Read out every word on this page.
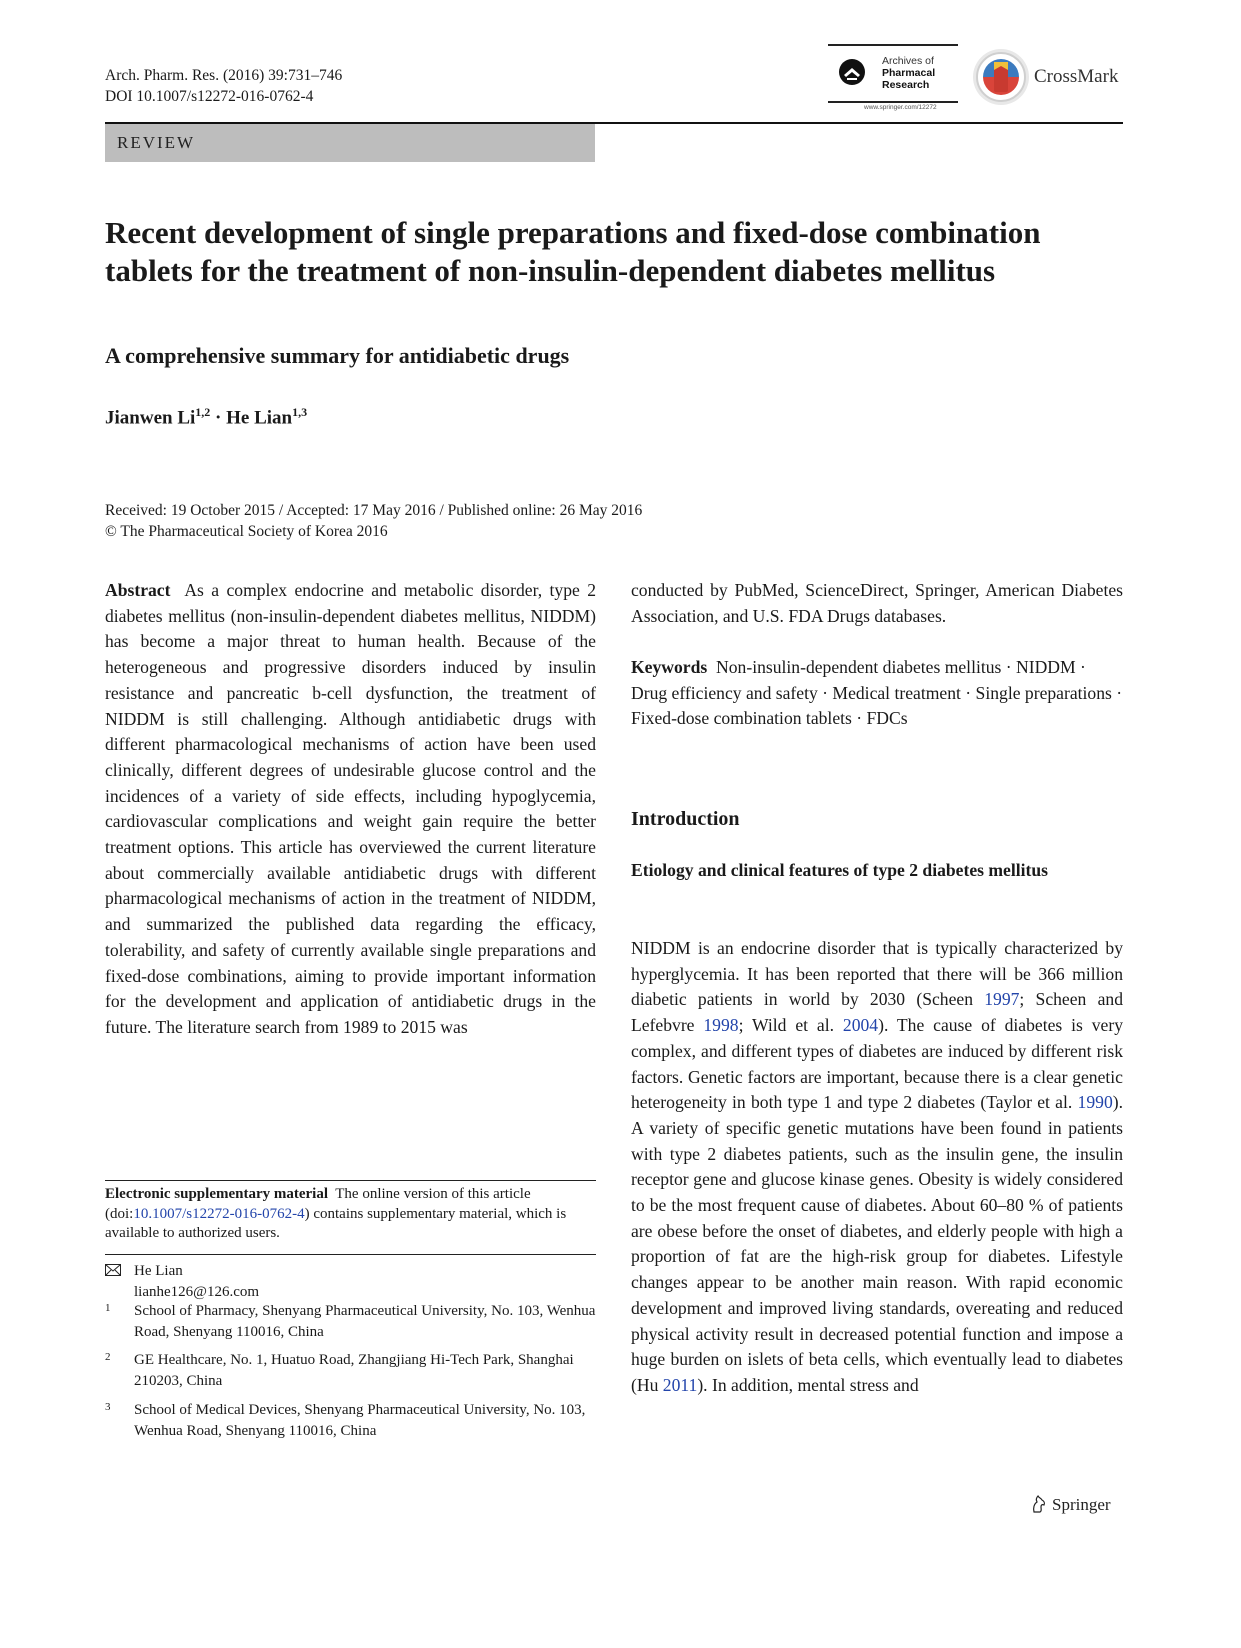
Arch. Pharm. Res. (2016) 39:731–746
DOI 10.1007/s12272-016-0762-4
Archives of
Pharmacal
Research
www.springer.com/12272
CrossMark
REVIEW
Recent development of single preparations and fixed-dose combination tablets for the treatment of non-insulin-dependent diabetes mellitus
A comprehensive summary for antidiabetic drugs
Jianwen Li$^{1,2}$ · He Lian$^{1,3}$
Received: 19 October 2015 / Accepted: 17 May 2016 / Published online: 26 May 2016
© The Pharmaceutical Society of Korea 2016

Abstract As a complex endocrine and metabolic disorder, type 2 diabetes mellitus (non-insulin-dependent diabetes mellitus, NIDDM) has become a major threat to human health. Because of the heterogeneous and progressive disorders induced by insulin resistance and pancreatic b-cell dysfunction, the treatment of NIDDM is still challenging. Although antidiabetic drugs with different pharmacological mechanisms of action have been used clinically, different degrees of undesirable glucose control and the incidences of a variety of side effects, including hypoglycemia, cardiovascular complications and weight gain require the better treatment options. This article has overviewed the current literature about commercially available antidiabetic drugs with different pharmacological mechanisms of action in the treatment of NIDDM, and summarized the published data regarding the efficacy, tolerability, and safety of currently available single preparations and fixed-dose combinations, aiming to provide important information for the development and application of antidiabetic drugs in the future. The literature search from 1989 to 2015 was

conducted by PubMed, ScienceDirect, Springer, American Diabetes Association, and U.S. FDA Drugs databases.

Keywords Non-insulin-dependent diabetes mellitus · NIDDM · Drug efficiency and safety · Medical treatment · Single preparations · Fixed-dose combination tablets · FDCs

Introduction
Etiology and clinical features of type 2 diabetes mellitus

NIDDM is an endocrine disorder that is typically characterized by hyperglycemia. It has been reported that there will be 366 million diabetic patients in world by 2030 (Scheen 1997; Scheen and Lefebvre 1998; Wild et al. 2004). The cause of diabetes is very complex, and different types of diabetes are induced by different risk factors. Genetic factors are important, because there is a clear genetic heterogeneity in both type 1 and type 2 diabetes (Taylor et al. 1990). A variety of specific genetic mutations have been found in patients with type 2 diabetes patients, such as the insulin gene, the insulin receptor gene and glucose kinase genes. Obesity is widely considered to be the most frequent cause of diabetes. About 60–80 % of patients are obese before the onset of diabetes, and elderly people with high a proportion of fat are the high-risk group for diabetes. Lifestyle changes appear to be another main reason. With rapid economic development and improved living standards, overeating and reduced physical activity result in decreased potential function and impose a huge burden on islets of beta cells, which eventually lead to diabetes (Hu 2011). In addition, mental stress and

Electronic supplementary material The online version of this article (doi:10.1007/s12272-016-0762-4) contains supplementary material, which is available to authorized users.
He Lian
lianhe126@126.com
1 School of Pharmacy, Shenyang Pharmaceutical University, No. 103, Wenhua Road, Shenyang 110016, China
2 GE Healthcare, No. 1, Huatuo Road, Zhangjiang Hi-Tech Park, Shanghai 210203, China
3 School of Medical Devices, Shenyang Pharmaceutical University, No. 103, Wenhua Road, Shenyang 110016, China
Springer
